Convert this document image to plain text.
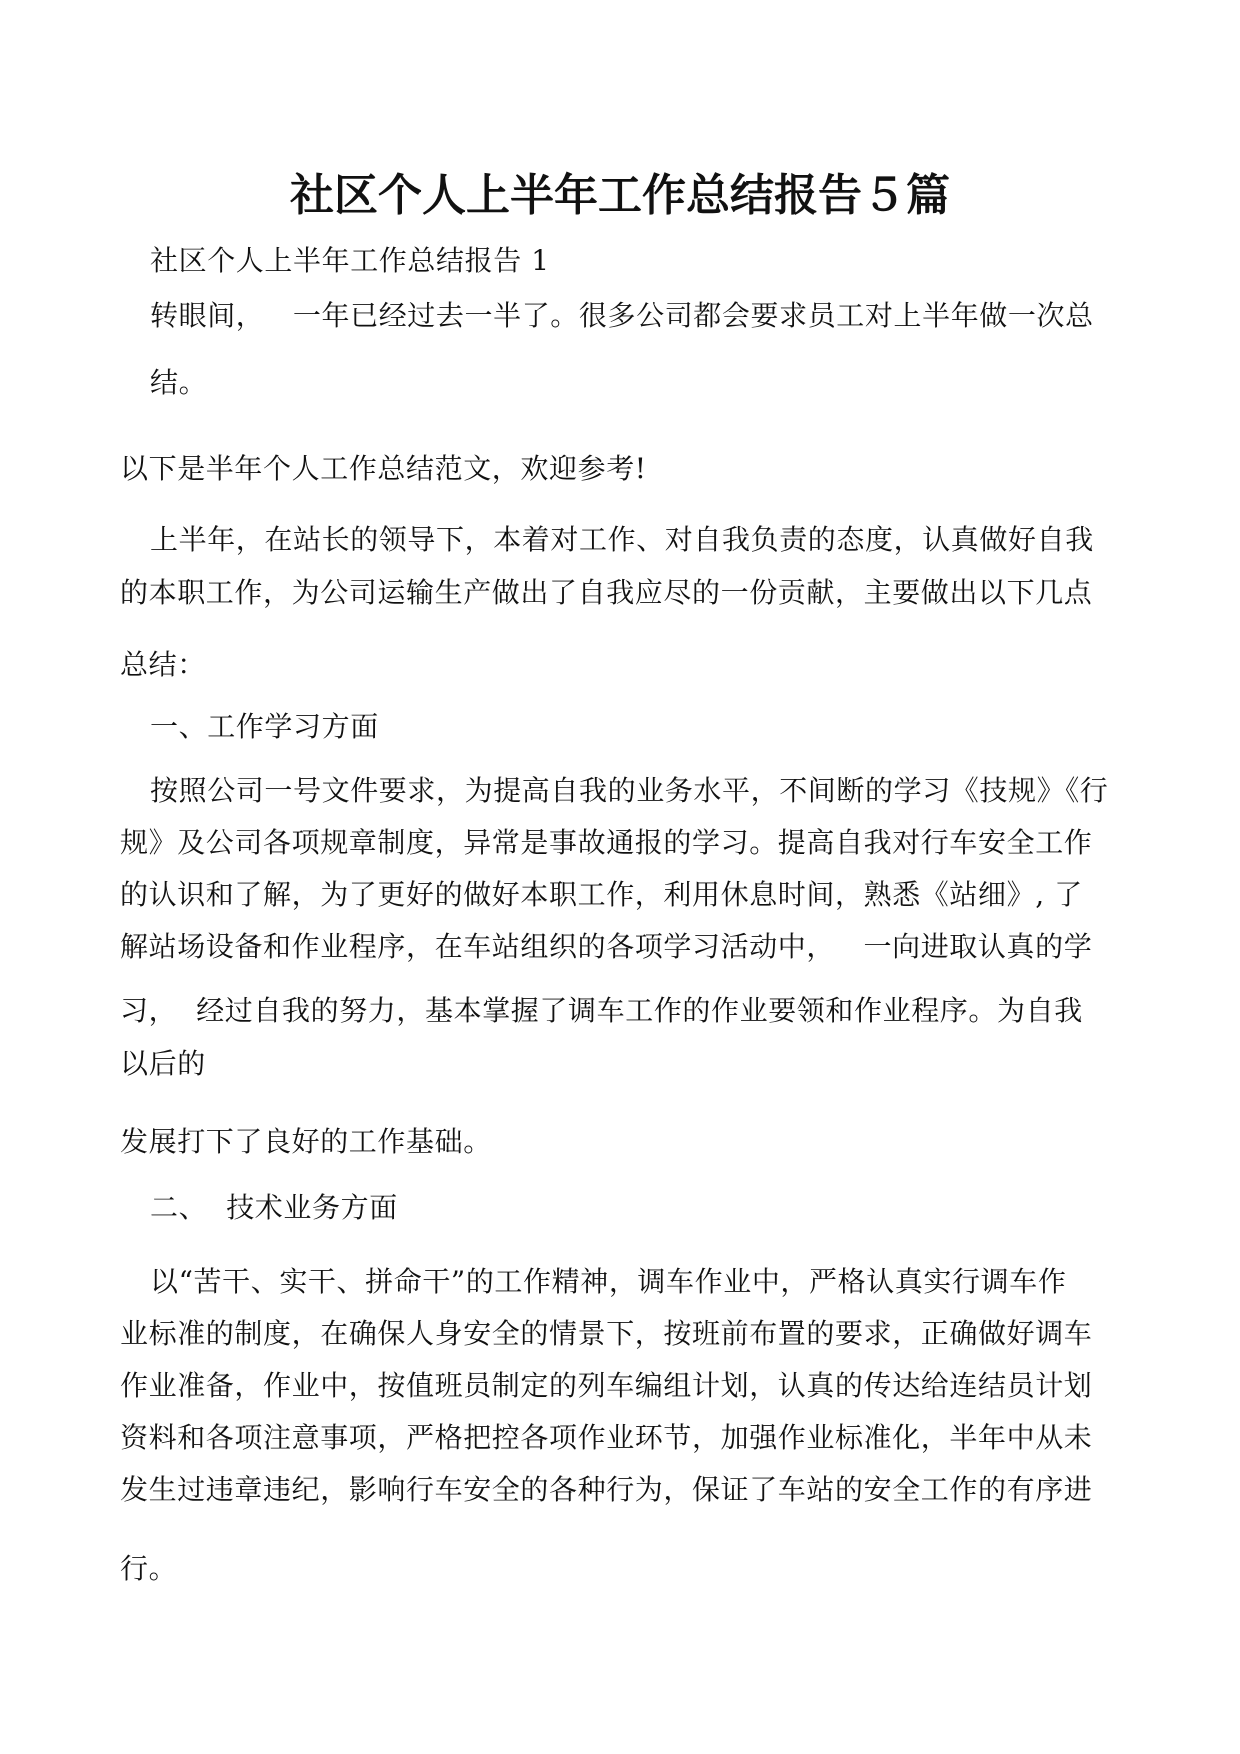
社区个人上半年工作总结报告５篇
社区个人上半年工作总结报告 1
转眼间，   一年已经过去一半了。很多公司都会要求员工对上半年做一次总
结。
以下是半年个人工作总结范文，欢迎参考!
上半年，在站长的领导下，本着对工作、对自我负责的态度，认真做好自我
的本职工作，为公司运输生产做出了自我应尽的一份贡献，主要做出以下几点
总结：
一、工作学习方面
按照公司一号文件要求，为提高自我的业务水平，不间断的学习《技规》《行
规》及公司各项规章制度，异常是事故通报的学习。提高自我对行车安全工作
的认识和了解，为了更好的做好本职工作，利用休息时间，熟悉《站细》, 了
解站场设备和作业程序，在车站组织的各项学习活动中，   一向进取认真的学
习，  经过自我的努力，基本掌握了调车工作的作业要领和作业程序。为自我
以后的
发展打下了良好的工作基础。
二、  技术业务方面
以“苦干、实干、拼命干”的工作精神，调车作业中，严格认真实行调车作
业标准的制度，在确保人身安全的情景下，按班前布置的要求，正确做好调车
作业准备，作业中，按值班员制定的列车编组计划，认真的传达给连结员计划
资料和各项注意事项，严格把控各项作业环节，加强作业标准化，半年中从未
发生过违章违纪，影响行车安全的各种行为，保证了车站的安全工作的有序进
行。
